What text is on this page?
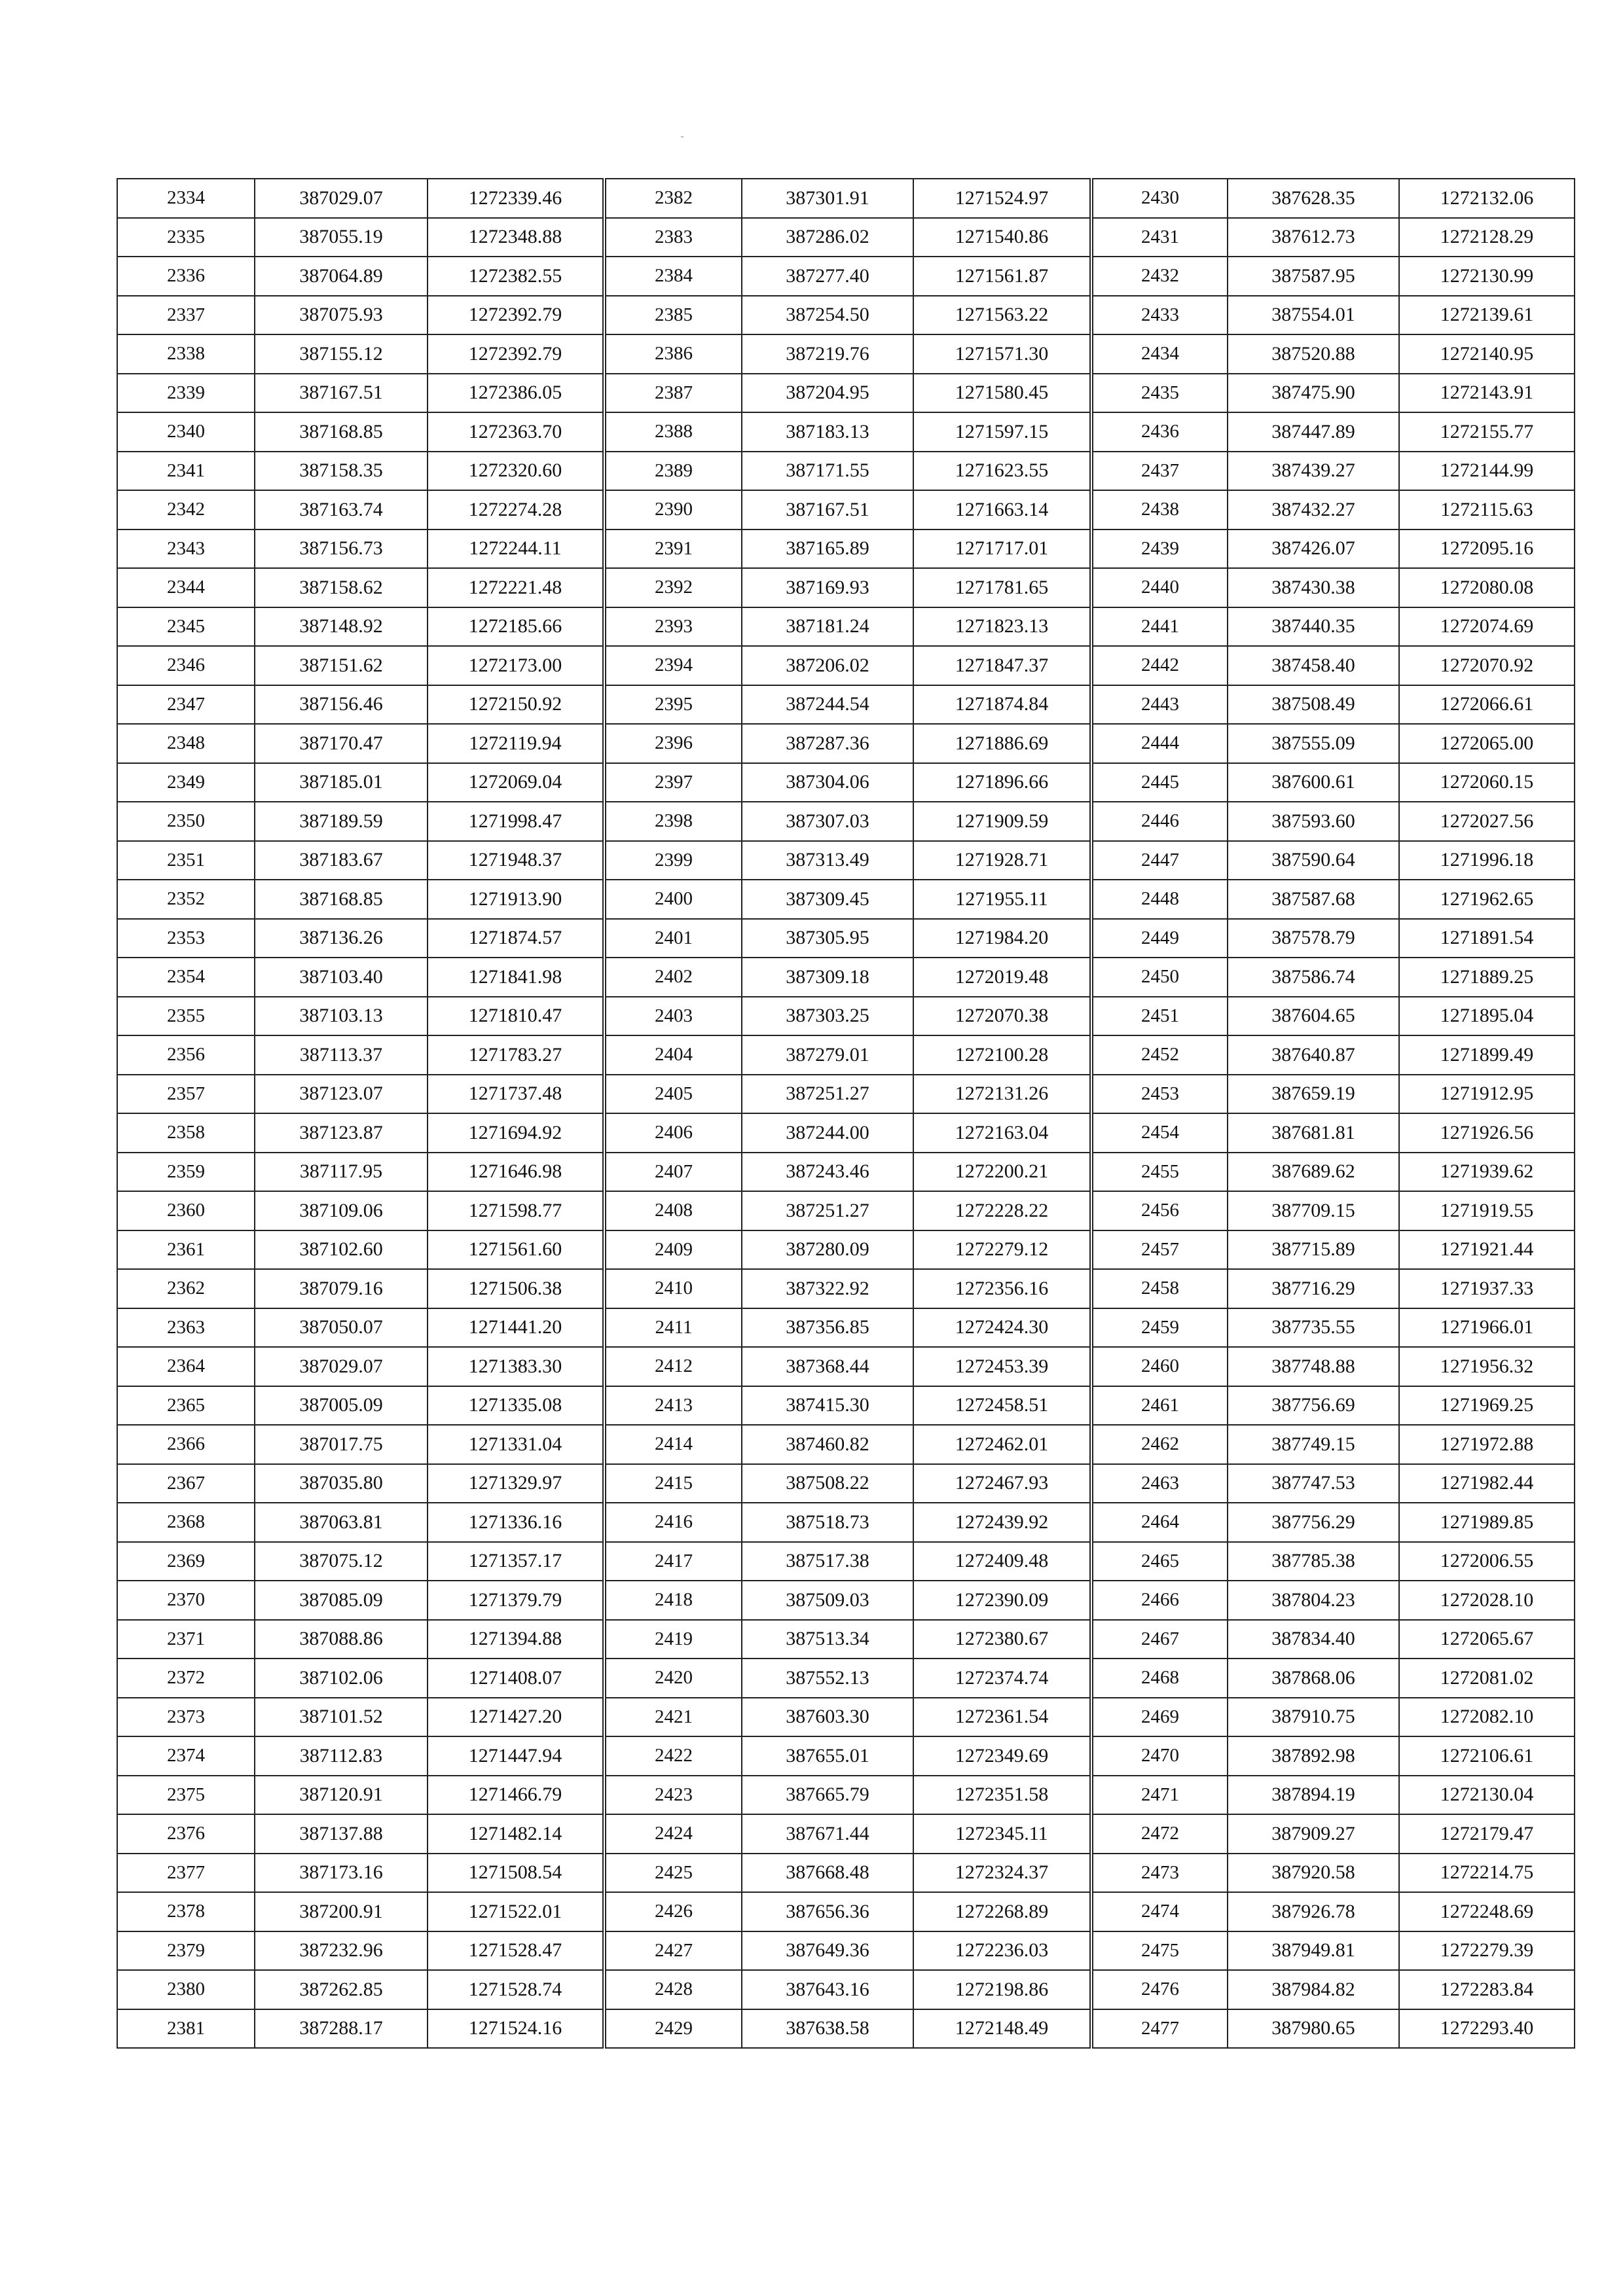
2334	387029.07	1272339.46
2335	387055.19	1272348.88
2336	387064.89	1272382.55
2337	387075.93	1272392.79
2338	387155.12	1272392.79
2339	387167.51	1272386.05
2340	387168.85	1272363.70
2341	387158.35	1272320.60
2342	387163.74	1272274.28
2343	387156.73	1272244.11
2344	387158.62	1272221.48
2345	387148.92	1272185.66
2346	387151.62	1272173.00
2347	387156.46	1272150.92
2348	387170.47	1272119.94
2349	387185.01	1272069.04
2350	387189.59	1271998.47
2351	387183.67	1271948.37
2352	387168.85	1271913.90
2353	387136.26	1271874.57
2354	387103.40	1271841.98
2355	387103.13	1271810.47
2356	387113.37	1271783.27
2357	387123.07	1271737.48
2358	387123.87	1271694.92
2359	387117.95	1271646.98
2360	387109.06	1271598.77
2361	387102.60	1271561.60
2362	387079.16	1271506.38
2363	387050.07	1271441.20
2364	387029.07	1271383.30
2365	387005.09	1271335.08
2366	387017.75	1271331.04
2367	387035.80	1271329.97
2368	387063.81	1271336.16
2369	387075.12	1271357.17
2370	387085.09	1271379.79
2371	387088.86	1271394.88
2372	387102.06	1271408.07
2373	387101.52	1271427.20
2374	387112.83	1271447.94
2375	387120.91	1271466.79
2376	387137.88	1271482.14
2377	387173.16	1271508.54
2378	387200.91	1271522.01
2379	387232.96	1271528.47
2380	387262.85	1271528.74
2381	387288.17	1271524.16
2382	387301.91	1271524.97
2383	387286.02	1271540.86
2384	387277.40	1271561.87
2385	387254.50	1271563.22
2386	387219.76	1271571.30
2387	387204.95	1271580.45
2388	387183.13	1271597.15
2389	387171.55	1271623.55
2390	387167.51	1271663.14
2391	387165.89	1271717.01
2392	387169.93	1271781.65
2393	387181.24	1271823.13
2394	387206.02	1271847.37
2395	387244.54	1271874.84
2396	387287.36	1271886.69
2397	387304.06	1271896.66
2398	387307.03	1271909.59
2399	387313.49	1271928.71
2400	387309.45	1271955.11
2401	387305.95	1271984.20
2402	387309.18	1272019.48
2403	387303.25	1272070.38
2404	387279.01	1272100.28
2405	387251.27	1272131.26
2406	387244.00	1272163.04
2407	387243.46	1272200.21
2408	387251.27	1272228.22
2409	387280.09	1272279.12
2410	387322.92	1272356.16
2411	387356.85	1272424.30
2412	387368.44	1272453.39
2413	387415.30	1272458.51
2414	387460.82	1272462.01
2415	387508.22	1272467.93
2416	387518.73	1272439.92
2417	387517.38	1272409.48
2418	387509.03	1272390.09
2419	387513.34	1272380.67
2420	387552.13	1272374.74
2421	387603.30	1272361.54
2422	387655.01	1272349.69
2423	387665.79	1272351.58
2424	387671.44	1272345.11
2425	387668.48	1272324.37
2426	387656.36	1272268.89
2427	387649.36	1272236.03
2428	387643.16	1272198.86
2429	387638.58	1272148.49
2430	387628.35	1272132.06
2431	387612.73	1272128.29
2432	387587.95	1272130.99
2433	387554.01	1272139.61
2434	387520.88	1272140.95
2435	387475.90	1272143.91
2436	387447.89	1272155.77
2437	387439.27	1272144.99
2438	387432.27	1272115.63
2439	387426.07	1272095.16
2440	387430.38	1272080.08
2441	387440.35	1272074.69
2442	387458.40	1272070.92
2443	387508.49	1272066.61
2444	387555.09	1272065.00
2445	387600.61	1272060.15
2446	387593.60	1272027.56
2447	387590.64	1271996.18
2448	387587.68	1271962.65
2449	387578.79	1271891.54
2450	387586.74	1271889.25
2451	387604.65	1271895.04
2452	387640.87	1271899.49
2453	387659.19	1271912.95
2454	387681.81	1271926.56
2455	387689.62	1271939.62
2456	387709.15	1271919.55
2457	387715.89	1271921.44
2458	387716.29	1271937.33
2459	387735.55	1271966.01
2460	387748.88	1271956.32
2461	387756.69	1271969.25
2462	387749.15	1271972.88
2463	387747.53	1271982.44
2464	387756.29	1271989.85
2465	387785.38	1272006.55
2466	387804.23	1272028.10
2467	387834.40	1272065.67
2468	387868.06	1272081.02
2469	387910.75	1272082.10
2470	387892.98	1272106.61
2471	387894.19	1272130.04
2472	387909.27	1272179.47
2473	387920.58	1272214.75
2474	387926.78	1272248.69
2475	387949.81	1272279.39
2476	387984.82	1272283.84
2477	387980.65	1272293.40
